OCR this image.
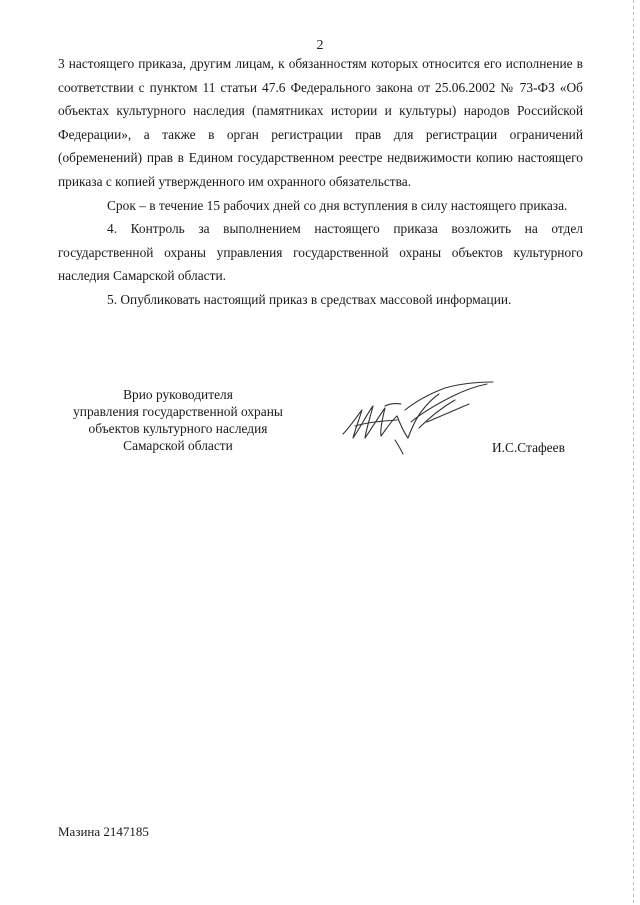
2

3 настоящего приказа, другим лицам, к обязанностям которых относится его исполнение в соответствии с пунктом 11 статьи 47.6 Федерального закона от 25.06.2002 № 73-ФЗ «Об объектах культурного наследия (памятниках истории и культуры) народов Российской Федерации», а также в орган регистрации прав для регистрации ограничений (обременений) прав в Едином государственном реестре недвижимости копию настоящего приказа с копией утвержденного им охранного обязательства.

Срок – в течение 15 рабочих дней со дня вступления в силу настоящего приказа.

4. Контроль за выполнением настоящего приказа возложить на отдел государственной охраны управления государственной охраны объектов культурного наследия Самарской области.

5. Опубликовать настоящий приказ в средствах массовой информации.

Врио руководителя
управления государственной охраны
объектов культурного наследия
Самарской области	И.С.Стафеев
Мазина 2147185
